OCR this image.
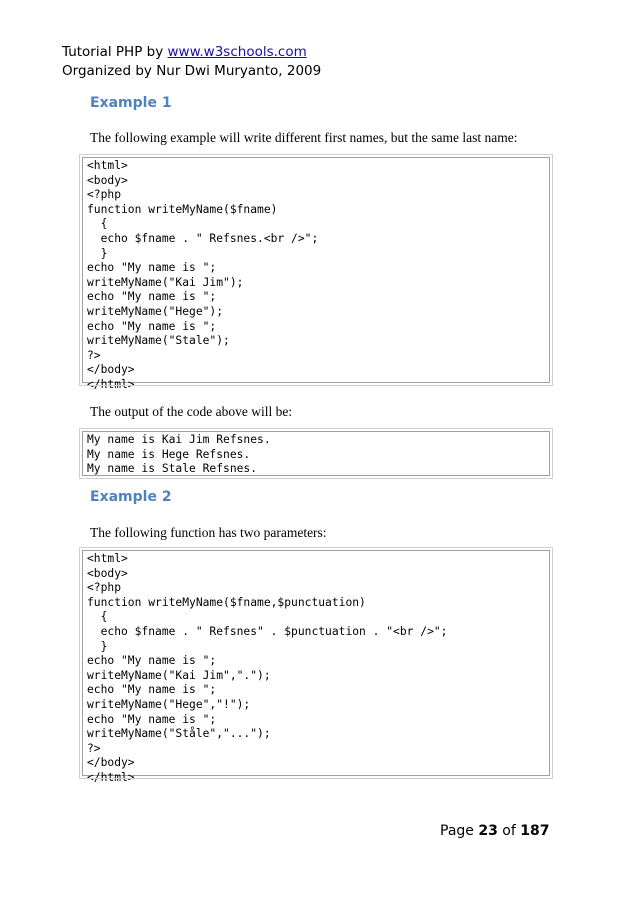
Tutorial PHP by www.w3schools.com
Organized by Nur Dwi Muryanto, 2009
Example 1
The following example will write different first names, but the same last name:
<html>
<body>
<?php
function writeMyName($fname)
{
echo $fname . " Refsnes.<br />";
}
echo "My name is ";
writeMyName("Kai Jim");
echo "My name is ";
writeMyName("Hege");
echo "My name is ";
writeMyName("Stale");
?>
</body>
</html>
The output of the code above will be:
My name is Kai Jim Refsnes.
My name is Hege Refsnes.
My name is Stale Refsnes.
Example 2
The following function has two parameters:
<html>
<body>
<?php
function writeMyName($fname,$punctuation)
{
echo $fname . " Refsnes" . $punctuation . "<br />";
}
echo "My name is ";
writeMyName("Kai Jim",".");
echo "My name is ";
writeMyName("Hege","!");
echo "My name is ";
writeMyName("Ståle","...");
?>
</body>
</html>
Page 23 of 187
